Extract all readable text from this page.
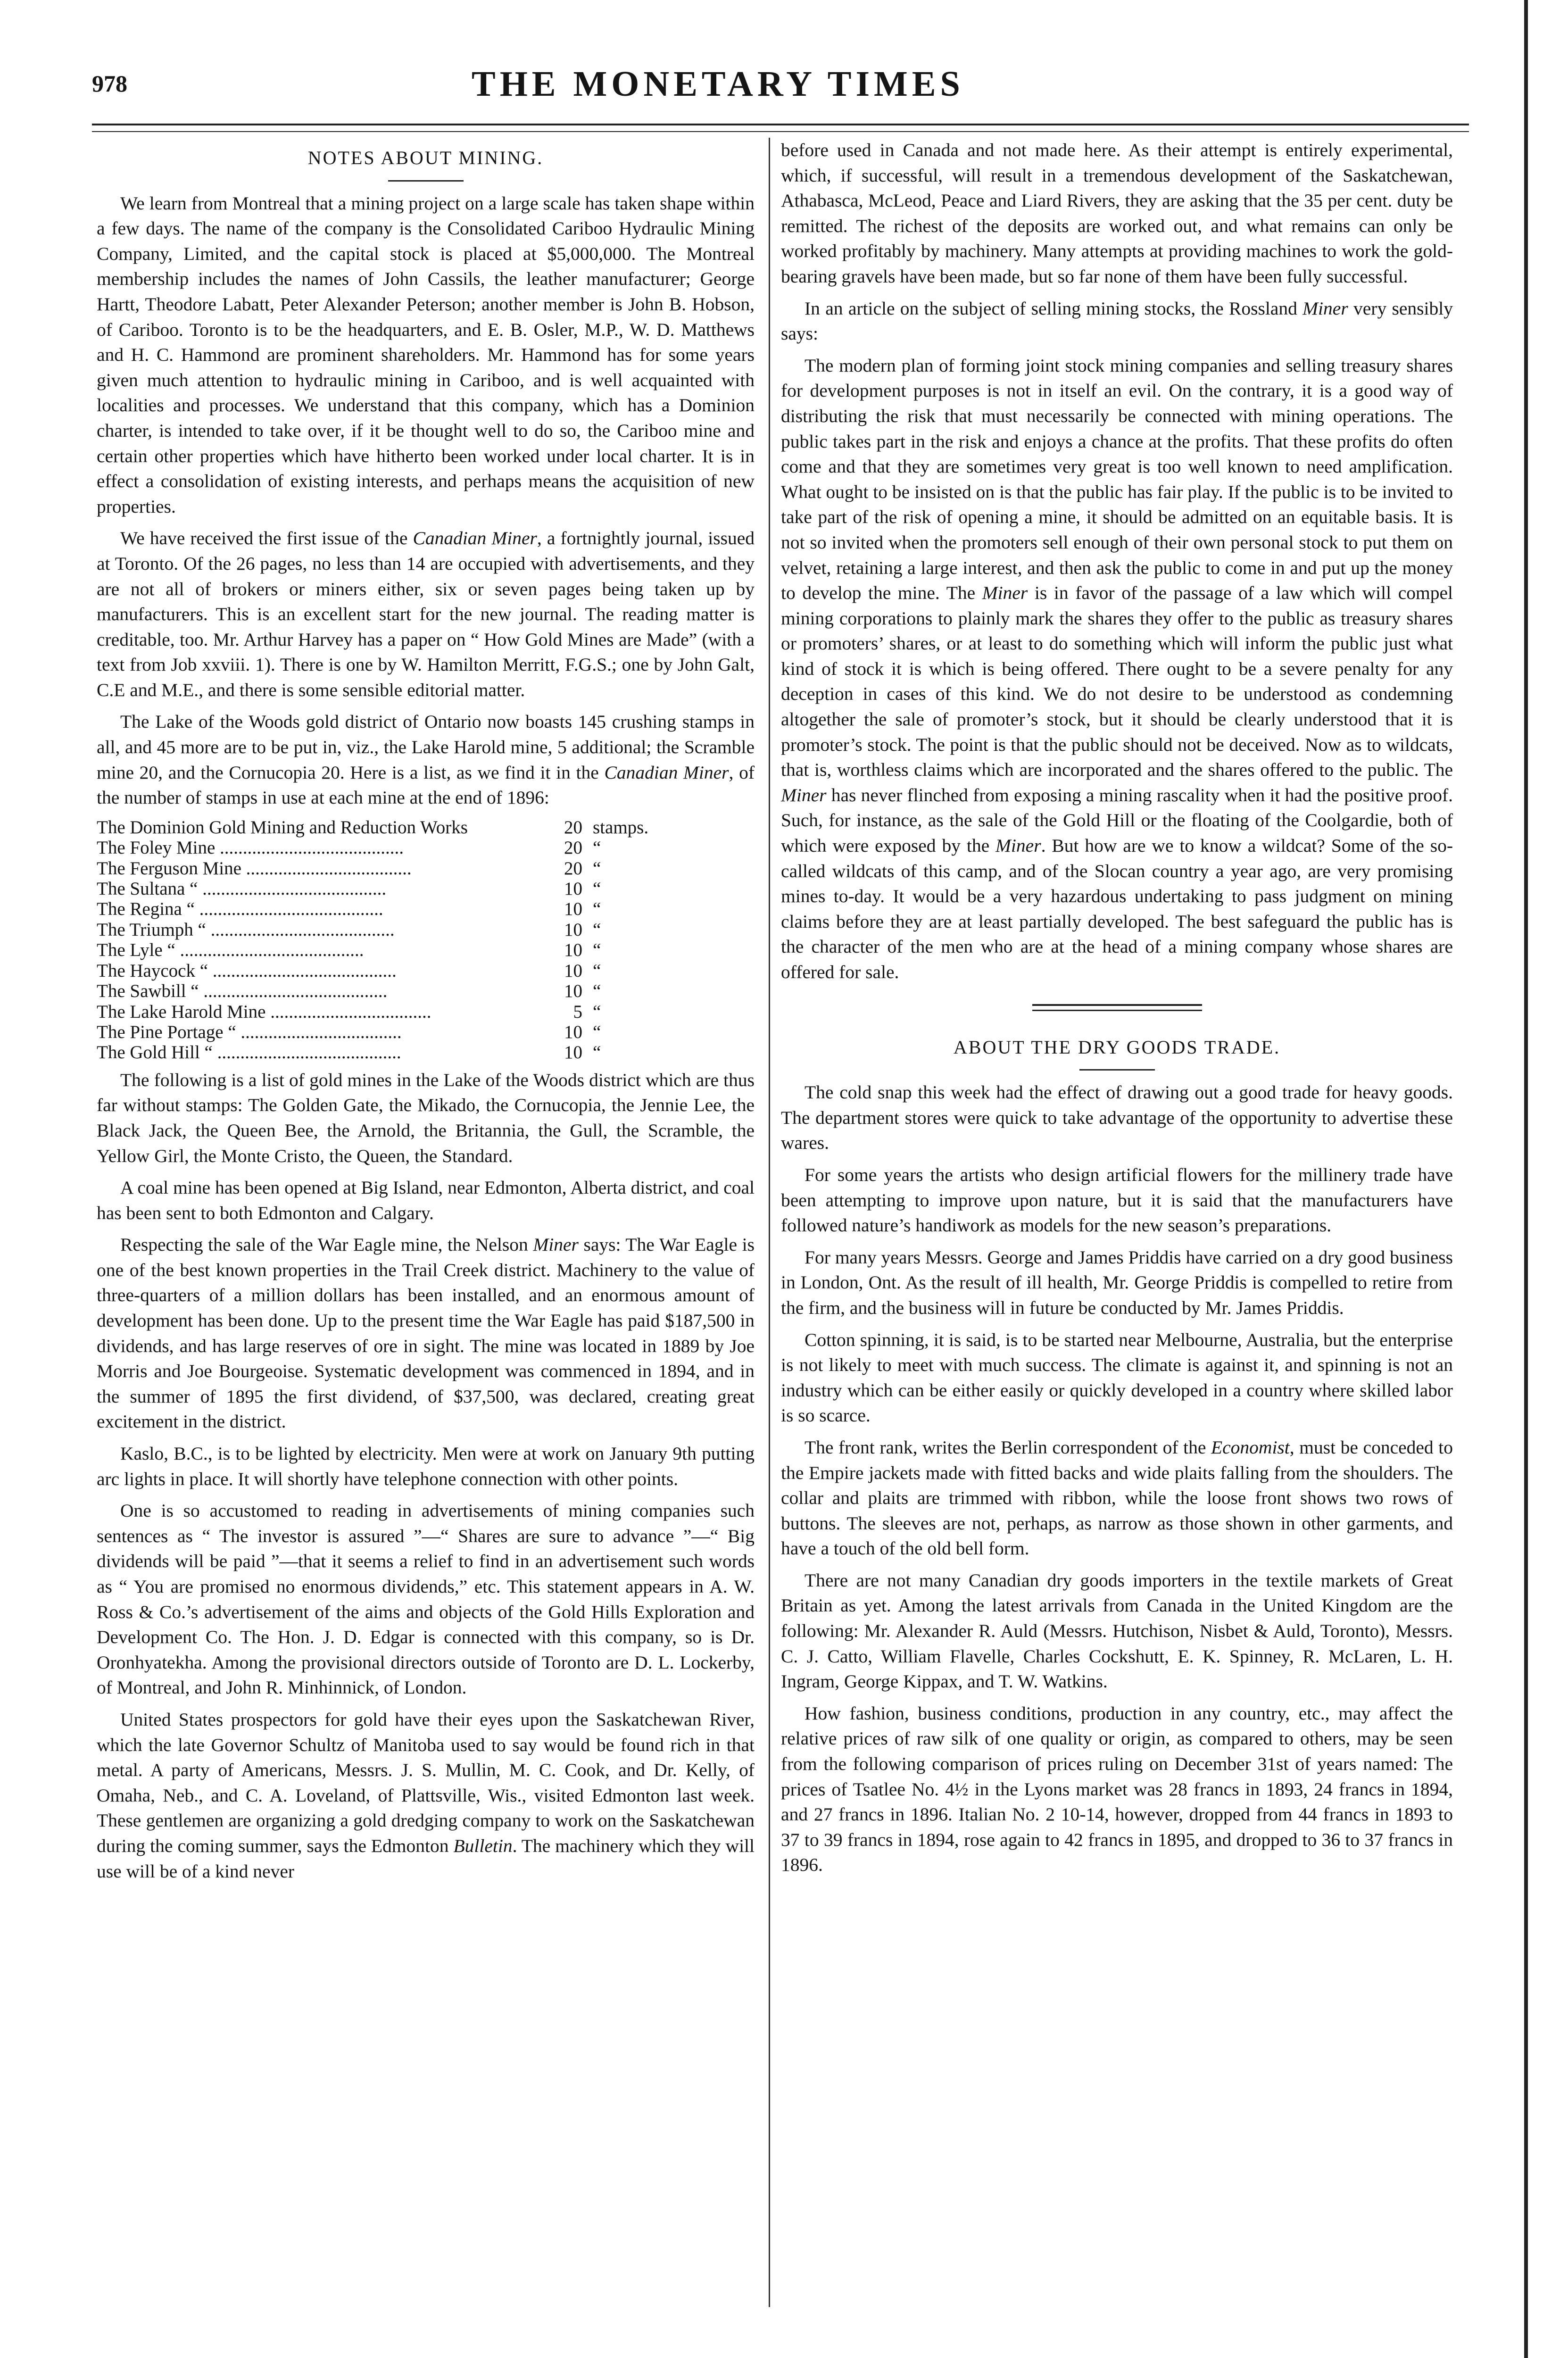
978	THE MONETARY TIMES
NOTES ABOUT MINING.

We learn from Montreal that a mining project on a large scale has taken shape within a few days. The name of the company is the Consolidated Cariboo Hydraulic Mining Company, Limited, and the capital stock is placed at $5,000,000. The Montreal membership includes the names of John Cassils, the leather manufacturer; George Hartt, Theodore Labatt, Peter Alexander Peterson; another member is John B. Hobson, of Cariboo. Toronto is to be the headquarters, and E. B. Osler, M.P., W. D. Matthews and H. C. Hammond are prominent shareholders. Mr. Hammond has for some years given much attention to hydraulic mining in Cariboo, and is well acquainted with localities and processes. We understand that this company, which has a Dominion charter, is intended to take over, if it be thought well to do so, the Cariboo mine and certain other properties which have hitherto been worked under local charter. It is in effect a consolidation of existing interests, and perhaps means the acquisition of new properties.

We have received the first issue of the Canadian Miner, a fortnightly journal, issued at Toronto. Of the 26 pages, no less than 14 are occupied with advertisements, and they are not all of brokers or miners either, six or seven pages being taken up by manufacturers. This is an excellent start for the new journal. The reading matter is creditable, too. Mr. Arthur Harvey has a paper on “ How Gold Mines are Made” (with a text from Job xxviii. 1). There is one by W. Hamilton Merritt, F.G.S.; one by John Galt, C.E and M.E., and there is some sensible editorial matter.

The Lake of the Woods gold district of Ontario now boasts 145 crushing stamps in all, and 45 more are to be put in, viz., the Lake Harold mine, 5 additional; the Scramble mine 20, and the Cornucopia 20. Here is a list, as we find it in the Canadian Miner, of the number of stamps in use at each mine at the end of 1896:

The Dominion Gold Mining and Reduction Works	20 stamps.
The Foley Mine ........................................	20 “
The Ferguson Mine ....................................	20 “
The Sultana “ ........................................	10 “
The Regina “ ........................................	10 “
The Triumph “ ........................................	10 “
The Lyle “ ........................................	10 “
The Haycock “ ........................................	10 “
The Sawbill “ ........................................	10 “
The Lake Harold Mine ...................................	5 “
The Pine Portage “ ...................................	10 “
The Gold Hill “ ........................................	10 “

The following is a list of gold mines in the Lake of the Woods district which are thus far without stamps: The Golden Gate, the Mikado, the Cornucopia, the Jennie Lee, the Black Jack, the Queen Bee, the Arnold, the Britannia, the Gull, the Scramble, the Yellow Girl, the Monte Cristo, the Queen, the Standard.

A coal mine has been opened at Big Island, near Edmonton, Alberta district, and coal has been sent to both Edmonton and Calgary.

Respecting the sale of the War Eagle mine, the Nelson Miner says: The War Eagle is one of the best known properties in the Trail Creek district. Machinery to the value of three-quarters of a million dollars has been installed, and an enormous amount of development has been done. Up to the present time the War Eagle has paid $187,500 in dividends, and has large reserves of ore in sight. The mine was located in 1889 by Joe Morris and Joe Bourgeoise. Systematic development was commenced in 1894, and in the summer of 1895 the first dividend, of $37,500, was declared, creating great excitement in the district.

Kaslo, B.C., is to be lighted by electricity. Men were at work on January 9th putting arc lights in place. It will shortly have telephone connection with other points.

One is so accustomed to reading in advertisements of mining companies such sentences as “ The investor is assured ”—“ Shares are sure to advance ”—“ Big dividends will be paid ”—that it seems a relief to find in an advertisement such words as “ You are promised no enormous dividends,” etc. This statement appears in A. W. Ross & Co.’s advertisement of the aims and objects of the Gold Hills Exploration and Development Co. The Hon. J. D. Edgar is connected with this company, so is Dr. Oronhyatekha. Among the provisional directors outside of Toronto are D. L. Lockerby, of Montreal, and John R. Minhinnick, of London.

United States prospectors for gold have their eyes upon the Saskatchewan River, which the late Governor Schultz of Manitoba used to say would be found rich in that metal. A party of Americans, Messrs. J. S. Mullin, M. C. Cook, and Dr. Kelly, of Omaha, Neb., and C. A. Loveland, of Plattsville, Wis., visited Edmonton last week. These gentlemen are organizing a gold dredging company to work on the Saskatchewan during the coming summer, says the Edmonton Bulletin. The machinery which they will use will be of a kind never

before used in Canada and not made here. As their attempt is entirely experimental, which, if successful, will result in a tremendous development of the Saskatchewan, Athabasca, McLeod, Peace and Liard Rivers, they are asking that the 35 per cent. duty be remitted. The richest of the deposits are worked out, and what remains can only be worked profitably by machinery. Many attempts at providing machines to work the gold-bearing gravels have been made, but so far none of them have been fully successful.

In an article on the subject of selling mining stocks, the Rossland Miner very sensibly says:

The modern plan of forming joint stock mining companies and selling treasury shares for development purposes is not in itself an evil. On the contrary, it is a good way of distributing the risk that must necessarily be connected with mining operations. The public takes part in the risk and enjoys a chance at the profits. That these profits do often come and that they are sometimes very great is too well known to need amplification. What ought to be insisted on is that the public has fair play. If the public is to be invited to take part of the risk of opening a mine, it should be admitted on an equitable basis. It is not so invited when the promoters sell enough of their own personal stock to put them on velvet, retaining a large interest, and then ask the public to come in and put up the money to develop the mine. The Miner is in favor of the passage of a law which will compel mining corporations to plainly mark the shares they offer to the public as treasury shares or promoters’ shares, or at least to do something which will inform the public just what kind of stock it is which is being offered. There ought to be a severe penalty for any deception in cases of this kind. We do not desire to be understood as condemning altogether the sale of promoter’s stock, but it should be clearly understood that it is promoter’s stock. The point is that the public should not be deceived. Now as to wildcats, that is, worthless claims which are incorporated and the shares offered to the public. The Miner has never flinched from exposing a mining rascality when it had the positive proof. Such, for instance, as the sale of the Gold Hill or the floating of the Coolgardie, both of which were exposed by the Miner. But how are we to know a wildcat? Some of the so-called wildcats of this camp, and of the Slocan country a year ago, are very promising mines to-day. It would be a very hazardous undertaking to pass judgment on mining claims before they are at least partially developed. The best safeguard the public has is the character of the men who are at the head of a mining company whose shares are offered for sale.

ABOUT THE DRY GOODS TRADE.

The cold snap this week had the effect of drawing out a good trade for heavy goods. The department stores were quick to take advantage of the opportunity to advertise these wares.

For some years the artists who design artificial flowers for the millinery trade have been attempting to improve upon nature, but it is said that the manufacturers have followed nature’s handiwork as models for the new season’s preparations.

For many years Messrs. George and James Priddis have carried on a dry good business in London, Ont. As the result of ill health, Mr. George Priddis is compelled to retire from the firm, and the business will in future be conducted by Mr. James Priddis.

Cotton spinning, it is said, is to be started near Melbourne, Australia, but the enterprise is not likely to meet with much success. The climate is against it, and spinning is not an industry which can be either easily or quickly developed in a country where skilled labor is so scarce.

The front rank, writes the Berlin correspondent of the Economist, must be conceded to the Empire jackets made with fitted backs and wide plaits falling from the shoulders. The collar and plaits are trimmed with ribbon, while the loose front shows two rows of buttons. The sleeves are not, perhaps, as narrow as those shown in other garments, and have a touch of the old bell form.

There are not many Canadian dry goods importers in the textile markets of Great Britain as yet. Among the latest arrivals from Canada in the United Kingdom are the following: Mr. Alexander R. Auld (Messrs. Hutchison, Nisbet & Auld, Toronto), Messrs. C. J. Catto, William Flavelle, Charles Cockshutt, E. K. Spinney, R. McLaren, L. H. Ingram, George Kippax, and T. W. Watkins.

How fashion, business conditions, production in any country, etc., may affect the relative prices of raw silk of one quality or origin, as compared to others, may be seen from the following comparison of prices ruling on December 31st of years named: The prices of Tsatlee No. 4½ in the Lyons market was 28 francs in 1893, 24 francs in 1894, and 27 francs in 1896. Italian No. 2 10-14, however, dropped from 44 francs in 1893 to 37 to 39 francs in 1894, rose again to 42 francs in 1895, and dropped to 36 to 37 francs in 1896.
